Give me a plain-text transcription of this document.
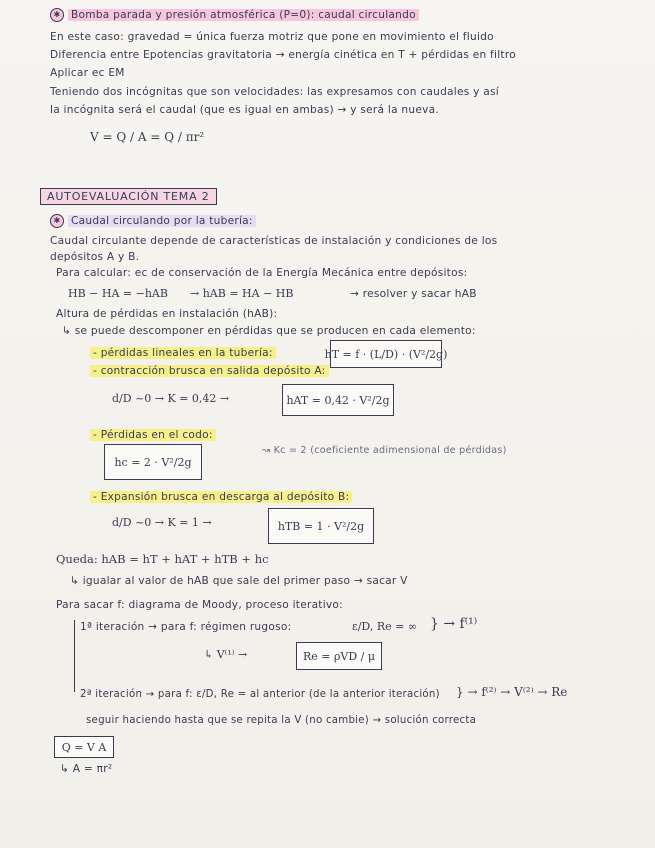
✱ Bomba parada y presión atmosférica (P=0): caudal circulando
En este caso: gravedad = única fuerza motriz que pone en movimiento el fluido
Diferencia entre Epotencias gravitatoria → energía cinética en T + pérdidas en filtro
Aplicar ec EM
Teniendo dos incógnitas que son velocidades: las expresamos con caudales y así
la incógnita será el caudal (que es igual en ambas) → y será la nueva.
V = Q / A = Q / πr²
AUTOEVALUACIÓN TEMA 2
✱ Caudal circulando por la tubería:
Caudal circulante depende de características de instalación y condiciones de los
depósitos A y B.
Para calcular: ec de conservación de la Energía Mecánica entre depósitos:
HB − HA = −hAB → hAB = HA − HB	→ resolver y sacar hAB
Altura de pérdidas en instalación (hAB):
↳ se puede descomponer en pérdidas que se producen en cada elemento:
- pérdidas lineales en la tubería:	hT = f · (L/D) · (V²/2g)
- contracción brusca en salida depósito A:
d/D ~0 → K = 0,42 →	hAT = 0,42 · V²/2g
- Pérdidas en el codo:
hc = 2 · V²/2g
↝ Kc = 2 (coeficiente adimensional de pérdidas)
- Expansión brusca en descarga al depósito B:
d/D ~0 → K = 1 →	hTB = 1 · V²/2g
Queda: hAB = hT + hAT + hTB + hc
↳ igualar al valor de hAB que sale del primer paso → sacar V
Para sacar f: diagrama de Moody, proceso iterativo:
1ª iteración → para f: régimen rugoso:	ε/D, Re = ∞ } → f⁽¹⁾
↳ V⁽¹⁾ →	Re = ρVD / μ
2ª iteración → para f: ε/D, Re = al anterior (de la anterior iteración) } → f⁽²⁾ → V⁽²⁾ → Re
seguir haciendo hasta que se repita la V (no cambie) → solución correcta
Q = V A
↳ A = πr²
